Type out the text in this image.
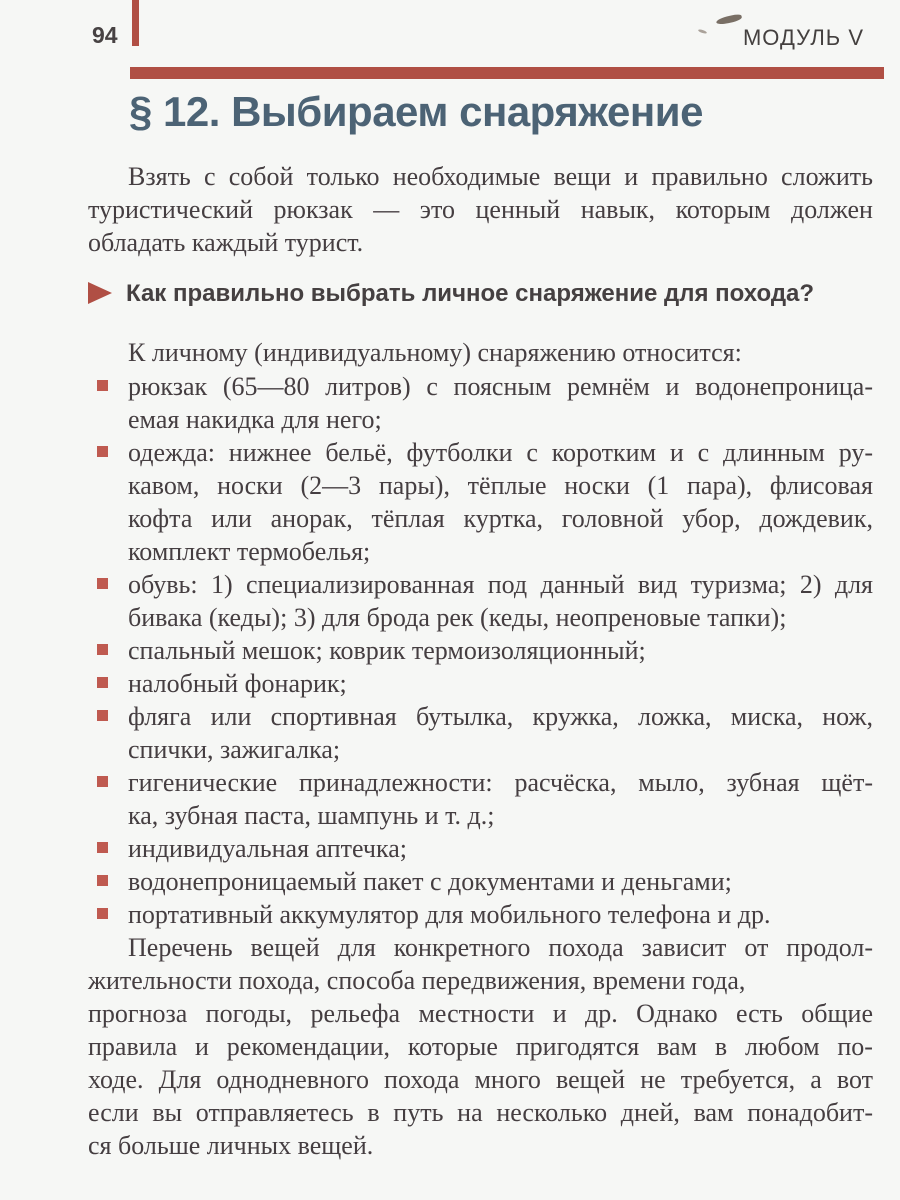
94	МОДУЛЬ V
§ 12. Выбираем снаряжение
Взять с собой только необходимые вещи и правильно сложить
туристический рюкзак — это ценный навык, которым должен
обладать каждый турист.
Как правильно выбрать личное снаряжение для похода?
К личному (индивидуальному) снаряжению относится:
рюкзак (65—80 литров) с поясным ремнём и водонепроница-
емая накидка для него;
одежда: нижнее бельё, футболки с коротким и с длинным ру-
кавом, носки (2—3 пары), тёплые носки (1 пара), флисовая
кофта или анорак, тёплая куртка, головной убор, дождевик,
комплект термобелья;
обувь: 1) специализированная под данный вид туризма; 2) для
бивака (кеды); 3) для брода рек (кеды, неопреновые тапки);
спальный мешок; коврик термоизоляционный;
налобный фонарик;
фляга или спортивная бутылка, кружка, ложка, миска, нож,
спички, зажигалка;
гигенические принадлежности: расчёска, мыло, зубная щёт-
ка, зубная паста, шампунь и т. д.;
индивидуальная аптечка;
водонепроницаемый пакет с документами и деньгами;
портативный аккумулятор для мобильного телефона и др.
Перечень вещей для конкретного похода зависит от продол-
жительности похода, способа передвижения, времени года,
прогноза погоды, рельефа местности и др. Однако есть общие
правила и рекомендации, которые пригодятся вам в любом по-
ходе. Для однодневного похода много вещей не требуется, а вот
если вы отправляетесь в путь на несколько дней, вам понадобит-
ся больше личных вещей.
